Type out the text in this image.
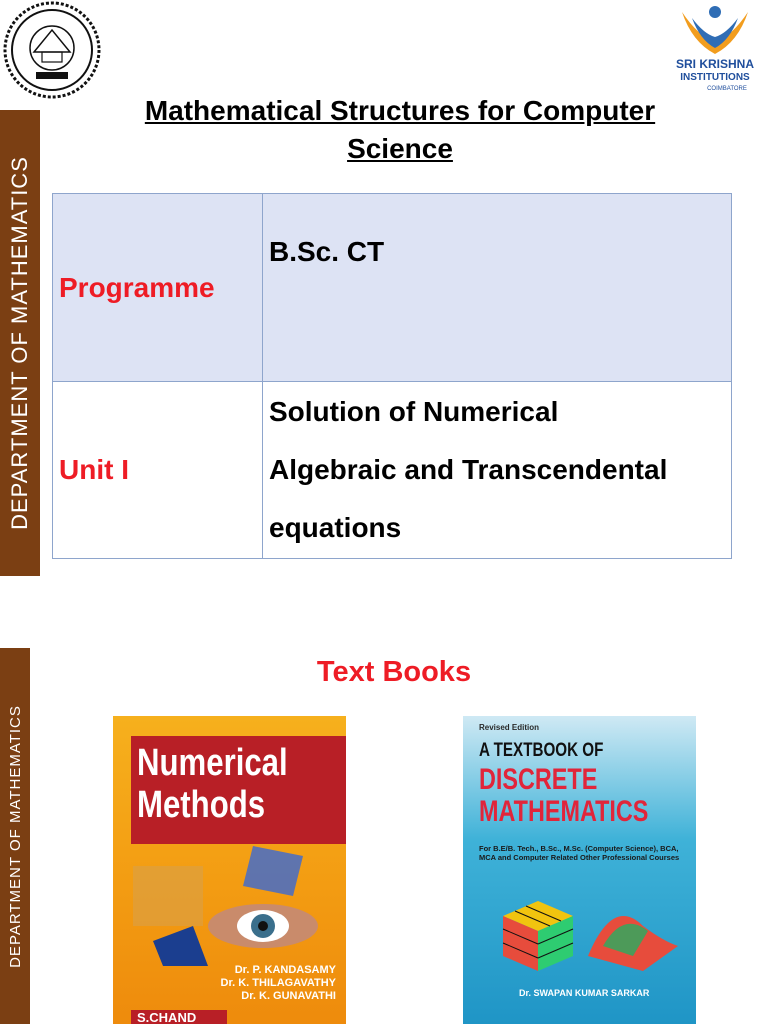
DEPARTMENT OF MATHEMATICS
SRI KRISHNA
INSTITUTIONS
COIMBATORE
Mathematical Structures for Computer Science
Programme	B.Sc. CT
Unit I	Solution of Numerical
Algebraic and Transcendental
equations
DEPARTMENT OF MATHEMATICS
Text Books
Numerical
Methods
Dr. P. KANDASAMY
Dr. K. THILAGAVATHY
Dr. K. GUNAVATHI
S.CHAND
Revised Edition
A TEXTBOOK OF
DISCRETE
MATHEMATICS
For B.E/B. Tech., B.Sc., M.Sc. (Computer Science), BCA, MCA and Computer Related Other Professional Courses
Dr. SWAPAN KUMAR SARKAR
